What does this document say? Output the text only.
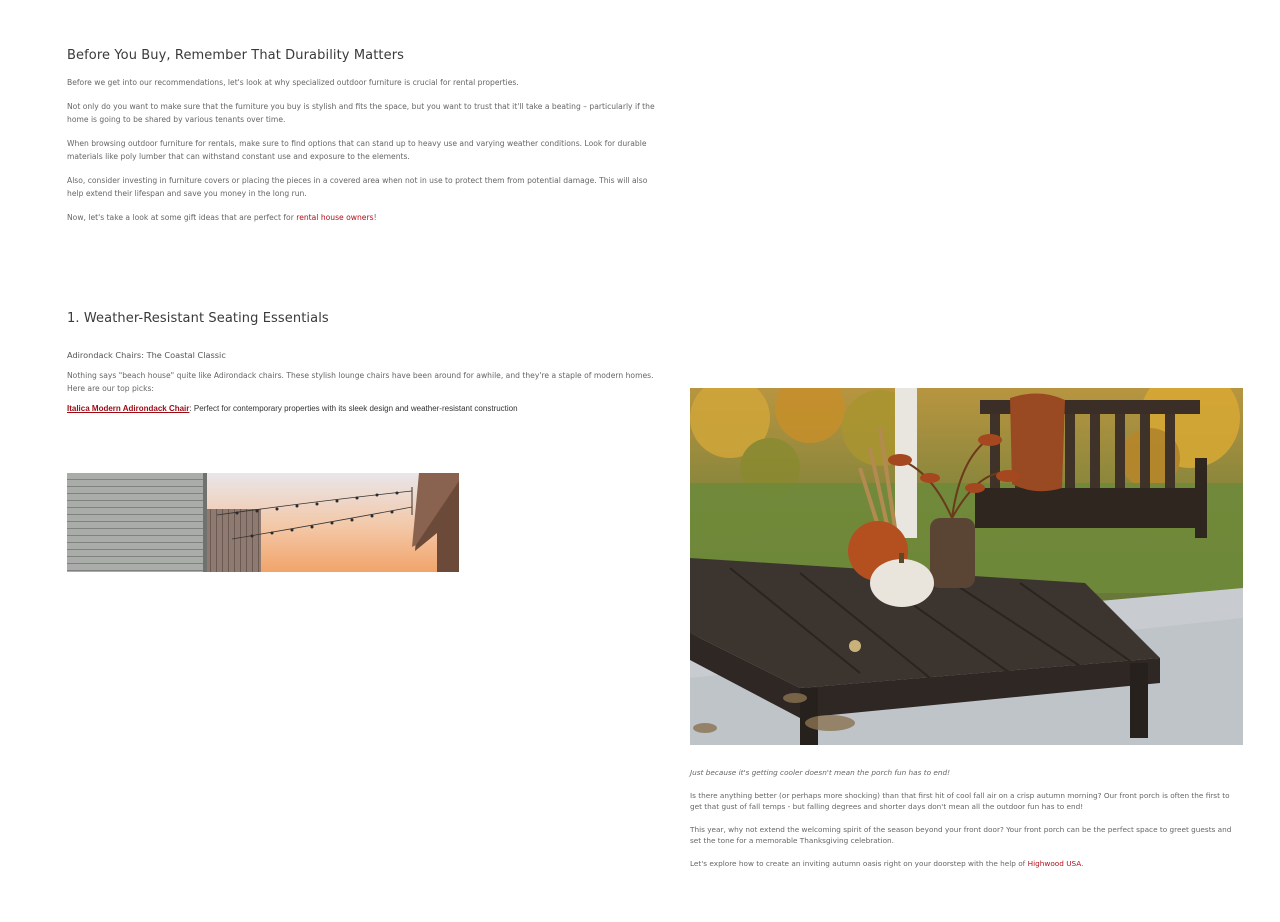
Before You Buy, Remember That Durability Matters

Before we get into our recommendations, let's look at why specialized outdoor furniture is crucial for rental properties.

Not only do you want to make sure that the furniture you buy is stylish and fits the space, but you want to trust that it'll take a beating – particularly if the home is going to be shared by various tenants over time.

When browsing outdoor furniture for rentals, make sure to find options that can stand up to heavy use and varying weather conditions. Look for durable materials like poly lumber that can withstand constant use and exposure to the elements.

Also, consider investing in furniture covers or placing the pieces in a covered area when not in use to protect them from potential damage. This will also help extend their lifespan and save you money in the long run.

Now, let's take a look at some gift ideas that are perfect for rental house owners!

1. Weather-Resistant Seating Essentials
Adirondack Chairs: The Coastal Classic

Nothing says "beach house" quite like Adirondack chairs. These stylish lounge chairs have been around for awhile, and they're a staple of modern homes. Here are our top picks:

Italica Modern Adirondack Chair: Perfect for contemporary properties with its sleek design and weather-resistant construction

Just because it's getting cooler doesn't mean the porch fun has to end!

Is there anything better (or perhaps more shocking) than that first hit of cool fall air on a crisp autumn morning? Our front porch is often the first to get that gust of fall temps - but falling degrees and shorter days don't mean all the outdoor fun has to end!

This year, why not extend the welcoming spirit of the season beyond your front door? Your front porch can be the perfect space to greet guests and set the tone for a memorable Thanksgiving celebration.

Let's explore how to create an inviting autumn oasis right on your doorstep with the help of Highwood USA.
